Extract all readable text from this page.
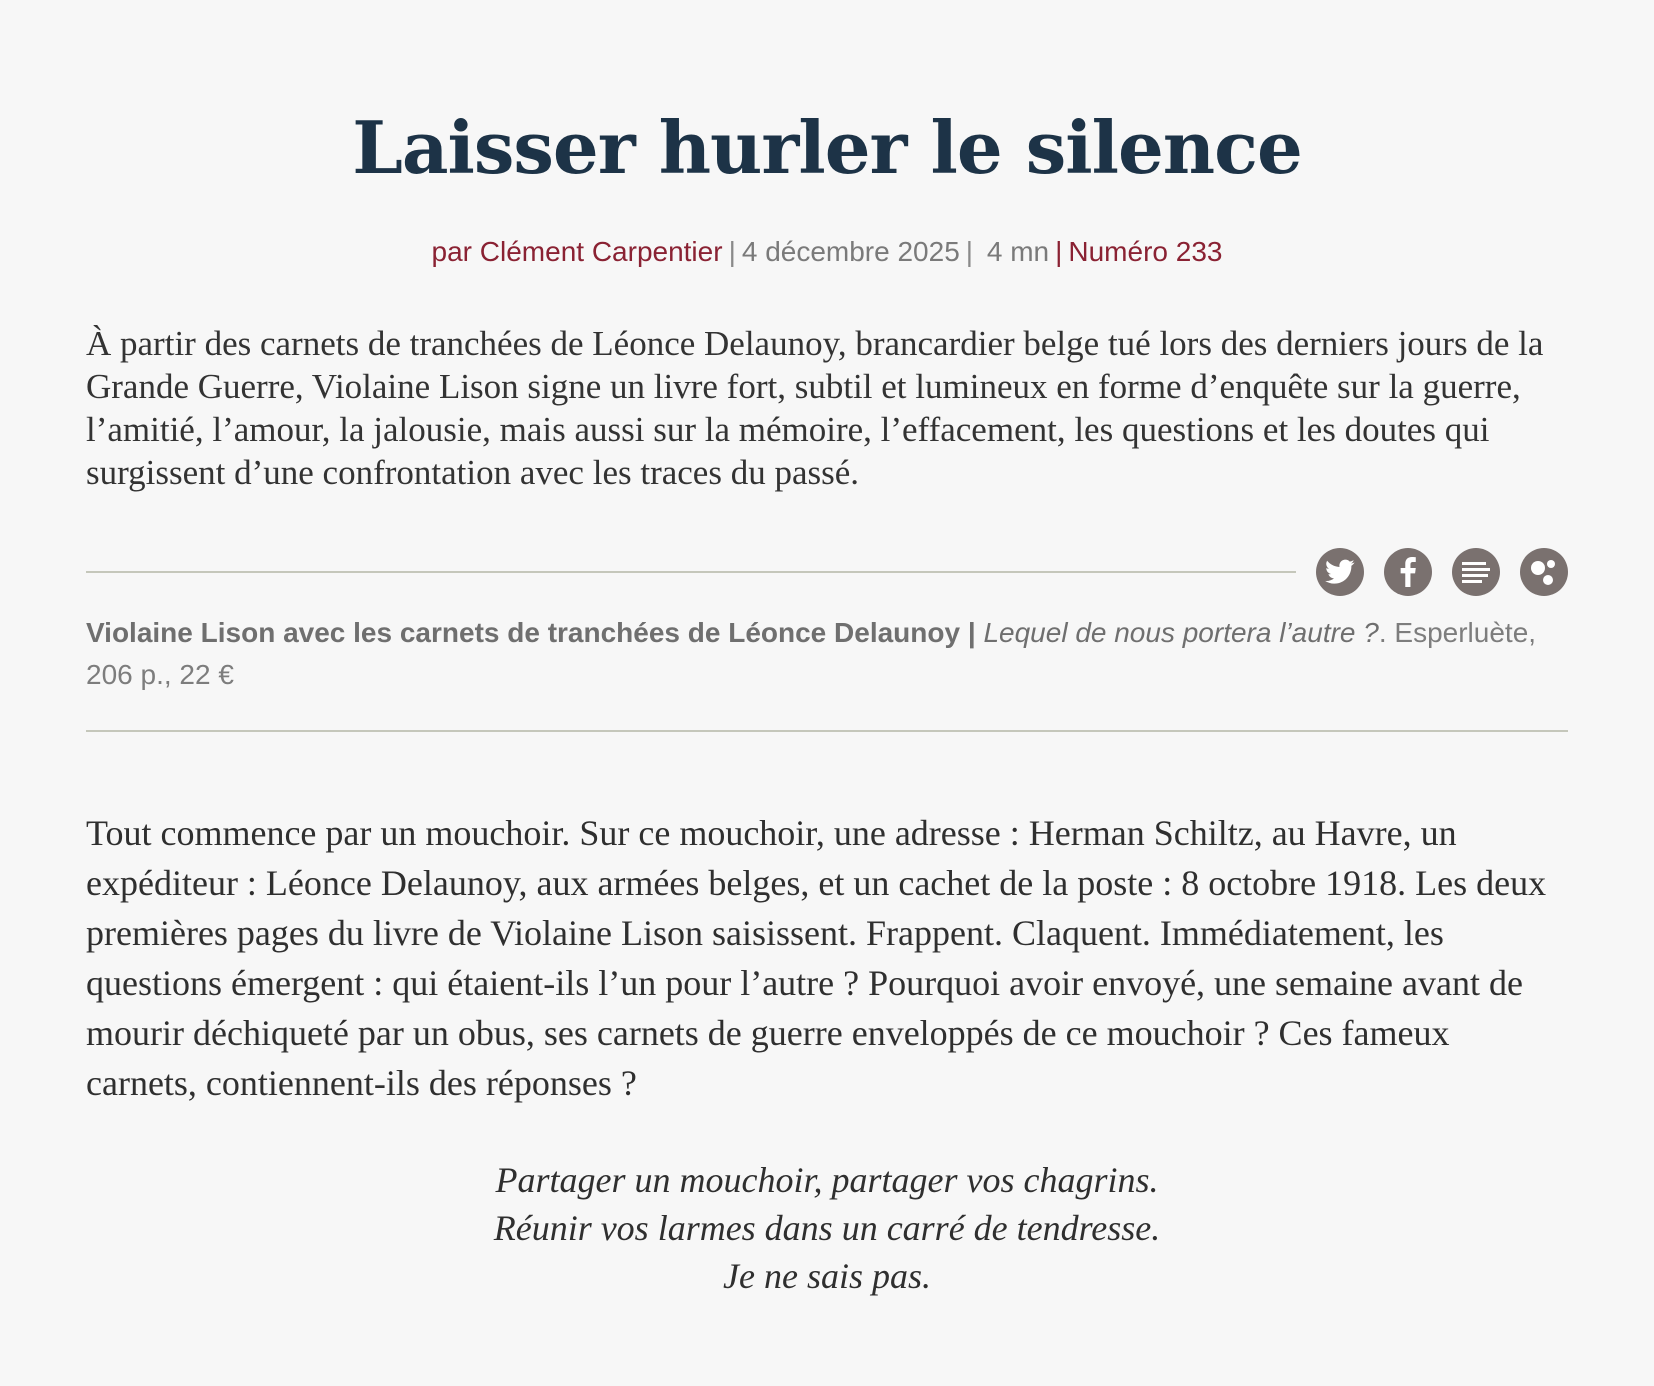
Laisser hurler le silence
par Clément Carpentier | 4 décembre 2025 | 4 mn | Numéro 233

À partir des carnets de tranchées de Léonce Delaunoy, brancardier belge tué lors des derniers jours de la Grande Guerre, Violaine Lison signe un livre fort, subtil et lumineux en forme d’enquête sur la guerre, l’amitié, l’amour, la jalousie, mais aussi sur la mémoire, l’effacement, les questions et les doutes qui surgissent d’une confrontation avec les traces du passé.

Violaine Lison avec les carnets de tranchées de Léonce Delaunoy | Lequel de nous portera l’autre ?. Esperluète, 206 p., 22 €

Tout commence par un mouchoir. Sur ce mouchoir, une adresse : Herman Schiltz, au Havre, un expéditeur : Léonce Delaunoy, aux armées belges, et un cachet de la poste : 8 octobre 1918. Les deux premières pages du livre de Violaine Lison saisissent. Frappent. Claquent. Immédiatement, les questions émergent : qui étaient-ils l’un pour l’autre ? Pourquoi avoir envoyé, une semaine avant de mourir déchiqueté par un obus, ses carnets de guerre enveloppés de ce mouchoir ? Ces fameux carnets, contiennent-ils des réponses ?

Partager un mouchoir, partager vos chagrins.
Réunir vos larmes dans un carré de tendresse.
Je ne sais pas.
